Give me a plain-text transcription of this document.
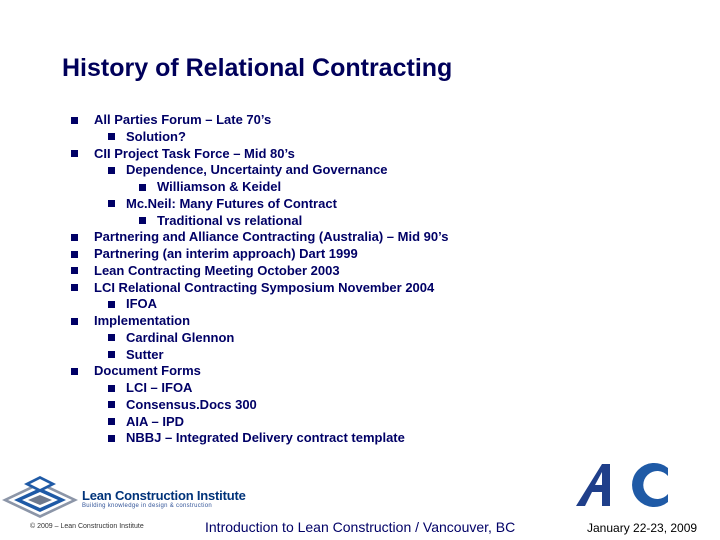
History of Relational Contracting
All Parties Forum – Late 70’s
Solution?
CII Project Task Force – Mid 80’s
Dependence, Uncertainty and Governance
Williamson & Keidel
Mc.Neil: Many Futures of Contract
Traditional vs relational
Partnering and Alliance Contracting (Australia) – Mid 90’s
Partnering (an interim approach) Dart 1999
Lean Contracting Meeting October 2003
LCI Relational Contracting Symposium November 2004
IFOA
Implementation
Cardinal Glennon
Sutter
Document Forms
LCI – IFOA
Consensus.Docs 300
AIA – IPD
NBBJ – Integrated Delivery contract template
Lean Construction Institute
Building knowledge in design & construction
© 2009 – Lean Construction Institute	Introduction to Lean Construction / Vancouver, BC	January 22-23, 2009
AC
